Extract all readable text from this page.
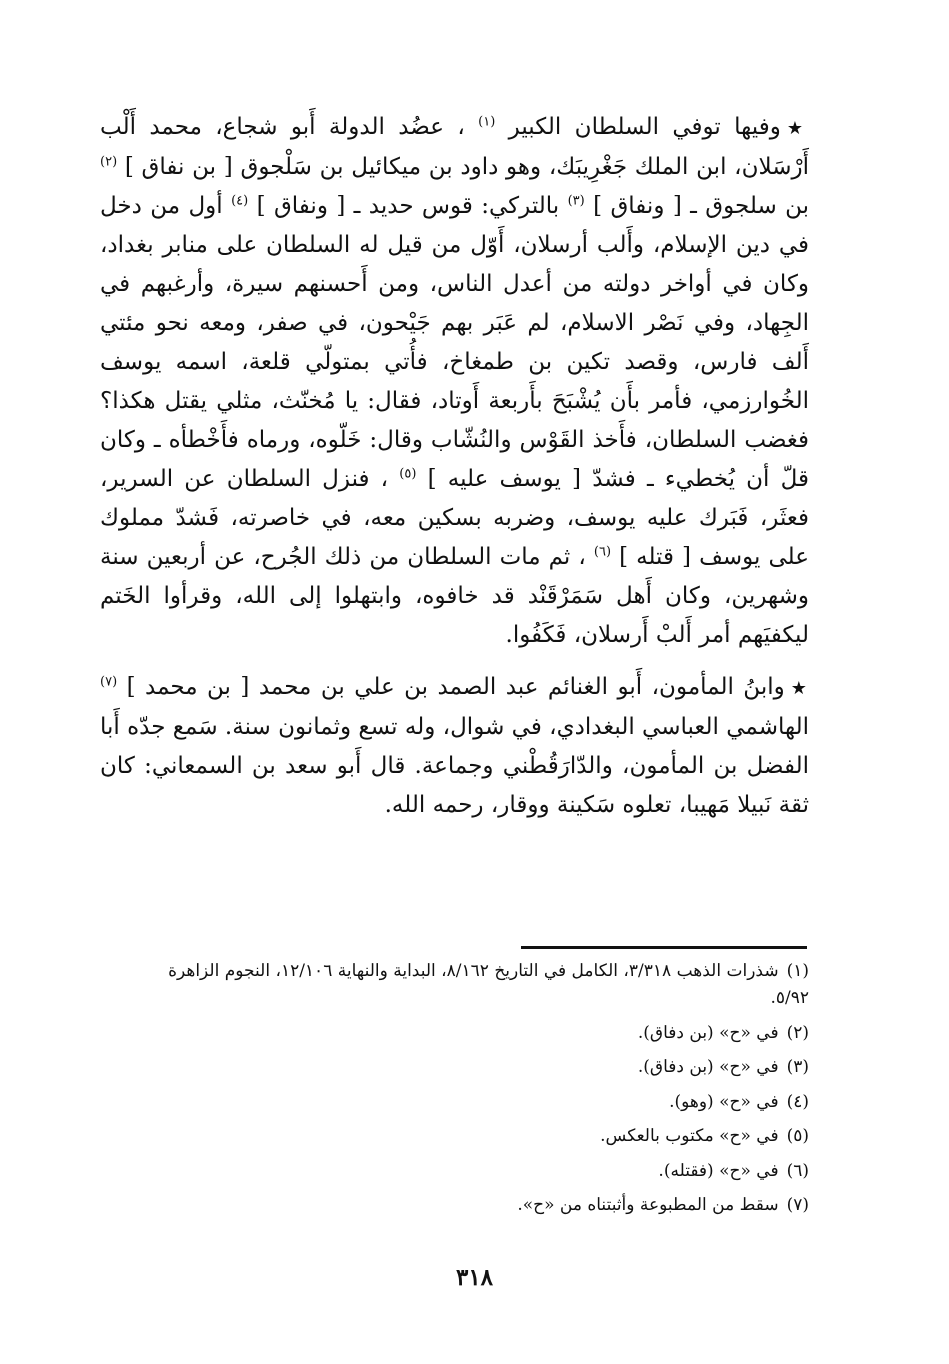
★وفيها توفي السلطان الكبير $^{(١)}$ ، عضُد الدولة أَبو شجاع، محمد أَلْب أَرْسَلان، ابن الملك جَغْرِيبَك، وهو داود بن ميكائيل بن سَلْجوق [ بن نفاق ] $^{(٢)}$ بن سلجوق ـ [ ونفاق ] $^{(٣)}$ بالتركي: قوس حديد ـ [ ونفاق ] $^{(٤)}$ أول من دخل في دين الإسلام، وأَلب أرسلان، أَوّل من قيل له السلطان على منابر بغداد، وكان في أواخر دولته من أعدل الناس، ومن أَحسنهم سيرة، وأرغبهم في الجِهاد، وفي نَصْر الاسلام، لم عَبَر بهم جَيْحون، في صفر، ومعه نحو مئتي أَلف فارس، وقصد تكين بن طمغاخ، فأُتي بمتولّي قلعة، اسمه يوسف الخُوارزمي، فأمر بأَن يُشْبَحَ بأَربعة أَوتاد، فقال: يا مُخنّث، مثلي يقتل هكذا؟ فغضب السلطان، فأَخذ القَوْس والنُشّاب وقال: خَلّوه، ورماه فأَخْطأه ـ وكان قلّ أن يُخطيء ـ فشدّ [ يوسف عليه ] $^{(٥)}$ ، فنزل السلطان عن السرير، فعثَر، فَبَرك عليه يوسف، وضربه بسكين معه، في خاصرته، فَشدّ مملوك على يوسف [ قتله ] $^{(٦)}$ ، ثم مات السلطان من ذلك الجُرح، عن أربعين سنة وشهرين، وكان أَهل سَمَرْقَنْد قد خافوه، وابتهلوا إلى الله، وقرأوا الخَتم ليكفيَهم أمر أَلبْ أَرسلان، فَكَفُوا.

★وابنُ المأمون، أَبو الغنائم عبد الصمد بن علي بن محمد [ بن محمد ] $^{(٧)}$ الهاشمي العباسي البغدادي، في شوال، وله تسع وثمانون سنة. سَمع جدّه أَبا الفضل بن المأمون، والدّارَقُطْني وجماعة. قال أَبو سعد بن السمعاني: كان ثقة نَبيلا مَهيبا، تعلوه سَكينة ووقار، رحمه الله.

(١)شذرات الذهب ٣/٣١٨، الكامل في التاريخ ٨/١٦٢، البداية والنهاية ١٢/١٠٦، النجوم الزاهرة ٥/٩٢.
(٢)في «ح» (بن دفاق).
(٣)في «ح» (بن دفاق).
(٤)في «ح» (وهو).
(٥)في «ح» مكتوب بالعكس.
(٦)في «ح» (فقتله).
(٧)سقط من المطبوعة وأثبتناه من «ح».
٣١٨
